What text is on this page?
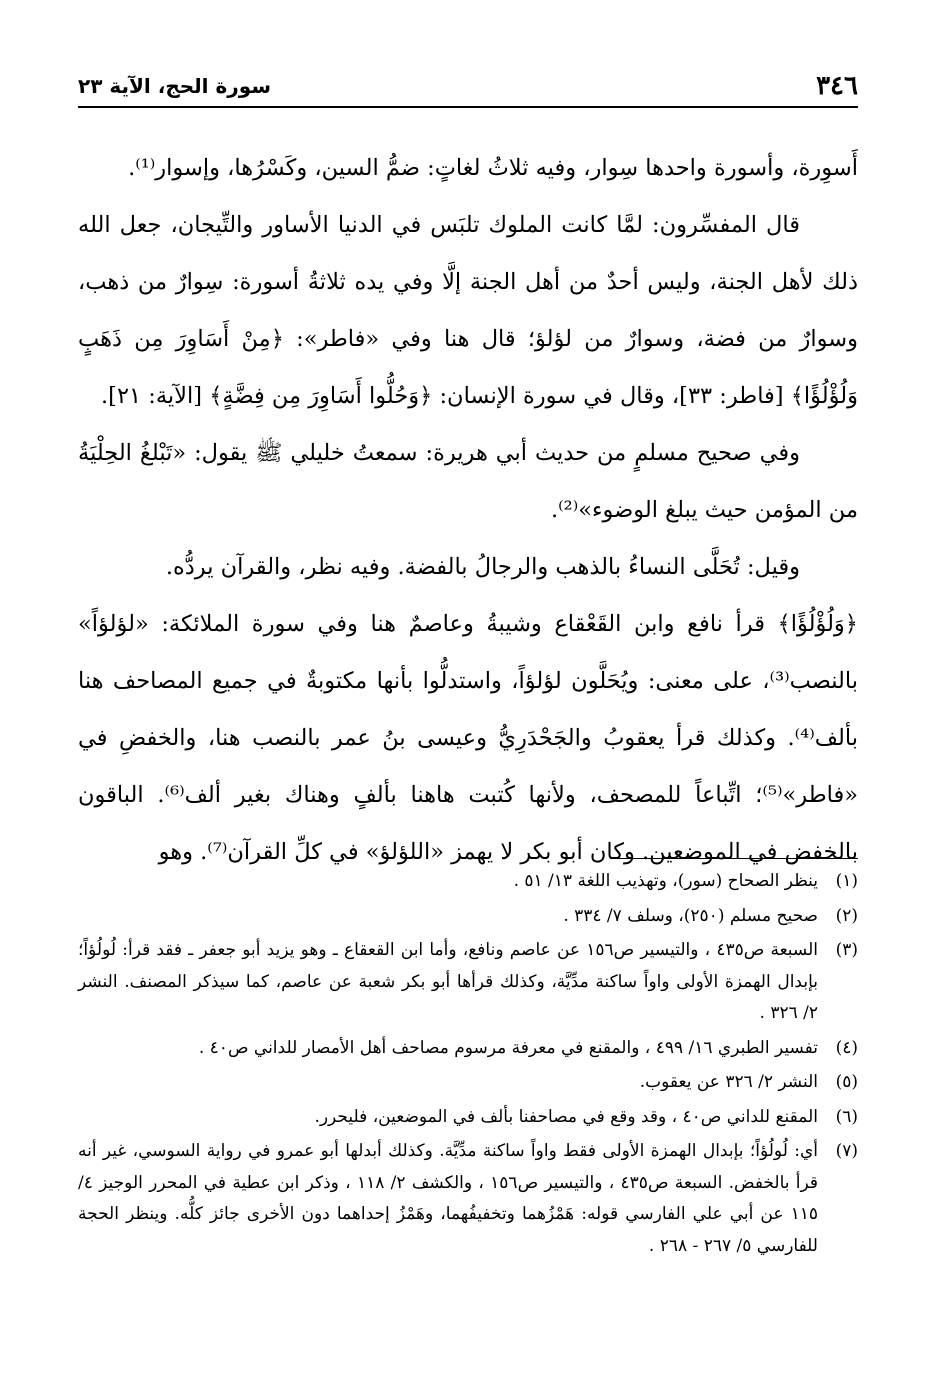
٣٤٦
سورة الحج، الآية ٢٣

أَسوِرة، وأسورة واحدها سِوار، وفيه ثلاثُ لغاتٍ: ضمُّ السين، وكَسْرُها، وإسوار⁽¹⁾.

قال المفسِّرون: لمَّا كانت الملوك تلبَس في الدنيا الأساور والتِّيجان، جعل الله ذلك لأهل الجنة، وليس أحدٌ من أهل الجنة إلَّا وفي يده ثلاثةُ أسورة: سِوارٌ من ذهب، وسوارٌ من فضة، وسوارٌ من لؤلؤ؛ قال هنا وفي «فاطر»: ﴿مِنْ أَسَاوِرَ مِن ذَهَبٍ وَلُؤْلُؤًا﴾ [فاطر: ٣٣]، وقال في سورة الإنسان: ﴿وَحُلُّوا أَسَاوِرَ مِن فِضَّةٍ﴾ [الآية: ٢١].

وفي صحيح مسلمٍ من حديث أبي هريرة: سمعتُ خليلي ﷺ يقول: «تَبْلغُ الحِلْيَةُ من المؤمن حيث يبلغ الوضوء»⁽²⁾.

وقيل: تُحَلَّى النساءُ بالذهب والرجالُ بالفضة. وفيه نظر، والقرآن يردُّه.

﴿وَلُؤْلُؤًا﴾ قرأ نافع وابن القَعْقاع وشيبةُ وعاصمٌ هنا وفي سورة الملائكة: «لؤلؤاً» بالنصب⁽³⁾، على معنى: ويُحَلَّون لؤلؤاً، واستدلُّوا بأنها مكتوبةٌ في جميع المصاحف هنا بألف⁽⁴⁾. وكذلك قرأ يعقوبُ والجَحْدَرِيُّ وعيسى بنُ عمر بالنصب هنا، والخفضِ في «فاطر»⁽⁵⁾؛ اتِّباعاً للمصحف، ولأنها كُتبت هاهنا بألفٍ وهناك بغير ألف⁽⁶⁾. الباقون بالخفض في الموضعين. وكان أبو بكر لا يهمز «اللؤلؤ» في كلِّ القرآن⁽⁷⁾. وهو

(١)
ينظر الصحاح (سور)، وتهذيب اللغة ١٣/ ٥١ .
(٢)
صحيح مسلم (٢٥٠)، وسلف ٧/ ٣٣٤ .
(٣)
السبعة ص٤٣٥ ، والتيسير ص١٥٦ عن عاصم ونافع، وأما ابن القعقاع ـ وهو يزيد أبو جعفر ـ فقد قرأ: لُولُؤاً؛ بإبدال الهمزة الأولى واواً ساكنة مدِّيَّة، وكذلك قرأها أبو بكر شعبة عن عاصم، كما سيذكر المصنف. النشر ٢/ ٣٢٦ .
(٤)
تفسير الطبري ١٦/ ٤٩٩ ، والمقنع في معرفة مرسوم مصاحف أهل الأمصار للداني ص٤٠ .
(٥)
النشر ٢/ ٣٢٦ عن يعقوب.
(٦)
المقنع للداني ص٤٠ ، وقد وقع في مصاحفنا بألف في الموضعين، فليحرر.
(٧)
أي: لُولُؤاً؛ بإبدال الهمزة الأولى فقط واواً ساكنة مدِّيَّة. وكذلك أبدلها أبو عمرو في رواية السوسي، غير أنه قرأ بالخفض. السبعة ص٤٣٥ ، والتيسير ص١٥٦ ، والكشف ٢/ ١١٨ ، وذكر ابن عطية في المحرر الوجيز ٤/ ١١٥ عن أبي علي الفارسي قوله: هَمْزُهما وتخفيفُهما، وهَمْزُ إحداهما دون الأخرى جائز كلُّه. وينظر الحجة للفارسي ٥/ ٢٦٧ - ٢٦٨ .
